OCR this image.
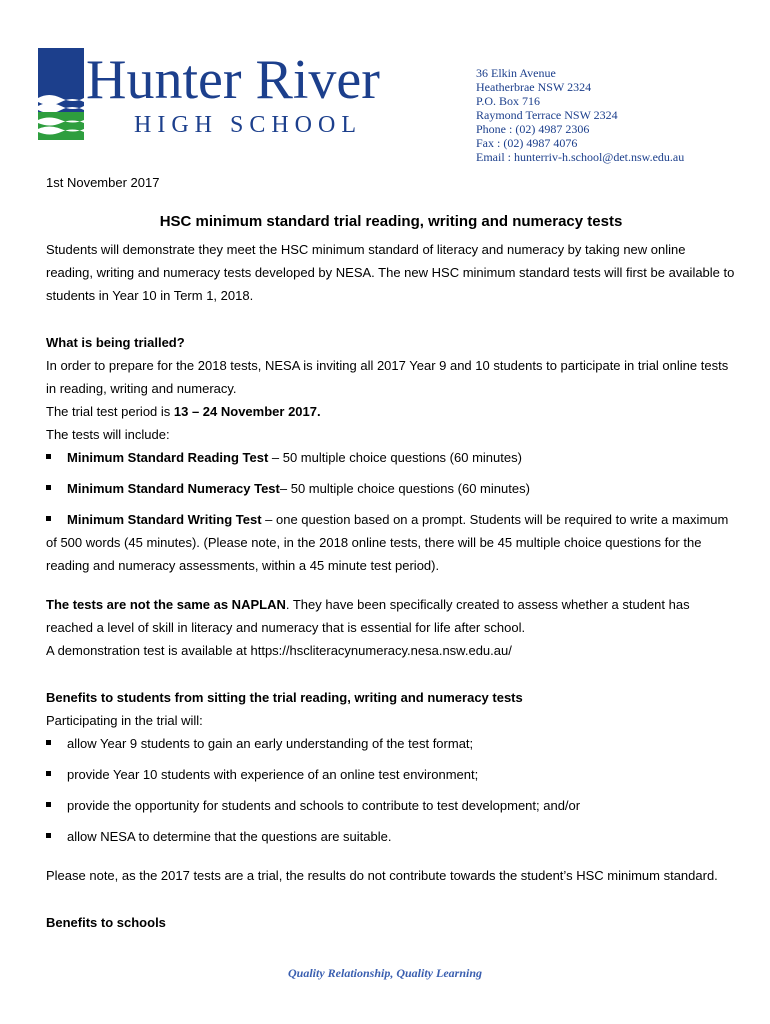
Hunter River
HIGH SCHOOL
36 Elkin Avenue
Heatherbrae NSW 2324
P.O. Box 716
Raymond Terrace NSW 2324
Phone : (02) 4987 2306
Fax : (02) 4987 4076
Email : hunterriv-h.school@det.nsw.edu.au
1st November 2017
HSC minimum standard trial reading, writing and numeracy tests

Students will demonstrate they meet the HSC minimum standard of literacy and numeracy by taking new online reading, writing and numeracy tests developed by NESA. The new HSC minimum standard tests will first be available to students in Year 10 in Term 1, 2018.

What is being trialled?

In order to prepare for the 2018 tests, NESA is inviting all 2017 Year 9 and 10 students to participate in trial online tests in reading, writing and numeracy.

The trial test period is 13 – 24 November 2017.

The tests will include:

Minimum Standard Reading Test – 50 multiple choice questions (60 minutes)
Minimum Standard Numeracy Test– 50 multiple choice questions (60 minutes)
Minimum Standard Writing Test – one question based on a prompt. Students will be required to write a maximum of 500 words (45 minutes). (Please note, in the 2018 online tests, there will be 45 multiple choice questions for the reading and numeracy assessments, within a 45 minute test period).

The tests are not the same as NAPLAN. They have been specifically created to assess whether a student has reached a level of skill in literacy and numeracy that is essential for life after school.

A demonstration test is available at https://hscliteracynumeracy.nesa.nsw.edu.au/

Benefits to students from sitting the trial reading, writing and numeracy tests

Participating in the trial will:

allow Year 9 students to gain an early understanding of the test format;
provide Year 10 students with experience of an online test environment;
provide the opportunity for students and schools to contribute to test development; and/or
allow NESA to determine that the questions are suitable.

Please note, as the 2017 tests are a trial, the results do not contribute towards the student’s HSC minimum standard.

Benefits to schools
Quality Relationship, Quality Learning
